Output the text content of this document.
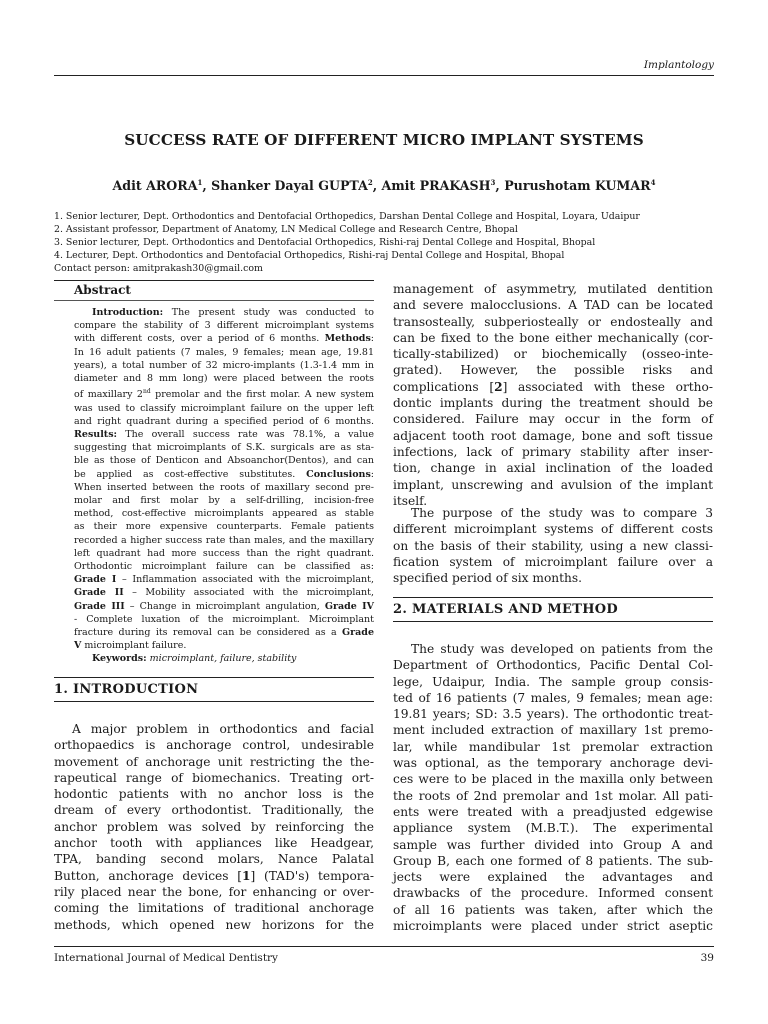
Implantology
SUCCESS RATE OF DIFFERENT MICRO IMPLANT SYSTEMS
Adit ARORA$^1$, Shanker Dayal GUPTA$^2$, Amit PRAKASH$^3$, Purushotam KUMAR$^4$
1. Senior lecturer, Dept. Orthodontics and Dentofacial Orthopedics, Darshan Dental College and Hospital, Loyara, Udaipur
2. Assistant professor, Department of Anatomy, LN Medical College and Research Centre, Bhopal
3. Senior lecturer, Dept. Orthodontics and Dentofacial Orthopedics, Rishi-raj Dental College and Hospital, Bhopal
4. Lecturer, Dept. Orthodontics and Dentofacial Orthopedics, Rishi-raj Dental College and Hospital, Bhopal
Contact person: amitprakash30@gmail.com
Abstract
Introduction: The present study was conducted to
compare the stability of 3 different microimplant systems
with different costs, over a period of 6 months. Methods:
In 16 adult patients (7 males, 9 females; mean age, 19.81
years), a total number of 32 micro-implants (1.3-1.4 mm in
diameter and 8 mm long) were placed between the roots
of maxillary 2nd premolar and the first molar. A new system
was used to classify microimplant failure on the upper left
and right quadrant during a specified period of 6 months.
Results: The overall success rate was 78.1%, a value
suggesting that microimplants of S.K. surgicals are as sta-
ble as those of Denticon and Absoanchor(Dentos), and can
be applied as cost-effective substitutes. Conclusions:
When inserted between the roots of maxillary second pre-
molar and first molar by a self-drilling, incision-free
method, cost-effective microimplants appeared as stable
as their more expensive counterparts. Female patients
recorded a higher success rate than males, and the maxillary
left quadrant had more success than the right quadrant.
Orthodontic microimplant failure can be classified as:
Grade I – Inflammation associated with the microimplant,
Grade II – Mobility associated with the microimplant,
Grade III – Change in microimplant angulation, Grade IV
- Complete luxation of the microimplant. Microimplant
fracture during its removal can be considered as a Grade
V microimplant failure.
Keywords: microimplant, failure, stability
1. INTRODUCTION
A major problem in orthodontics and facial
orthopaedics is anchorage control, undesirable
movement of anchorage unit restricting the the-
rapeutical range of biomechanics. Treating ort-
hodontic patients with no anchor loss is the
dream of every orthodontist. Traditionally, the
anchor problem was solved by reinforcing the
anchor tooth with appliances like Headgear,
TPA, banding second molars, Nance Palatal
Button, anchorage devices [1] (TAD's) temporа-
rily placed near the bone, for enhancing or over-
coming the limitations of traditional anchorage
methods, which opened new horizons for the
management of asymmetry, mutilated dentition
and severe malocclusions. A TAD can be located
transosteally, subperiosteally or endosteally and
can be fixed to the bone either mechanically (cor-
tically-stabilized) or biochemically (osseo-inte-
grated). However, the possible risks and
complications [2] associated with these ortho-
dontic implants during the treatment should be
considered. Failure may occur in the form of
adjacent tooth root damage, bone and soft tissue
infections, lack of primary stability after inser-
tion, change in axial inclination of the loaded
implant, unscrewing and avulsion of the implant
itself.
The purpose of the study was to compare 3
different microimplant systems of different costs
on the basis of their stability, using a new classi-
fication system of microimplant failure over a
specified period of six months.
2. MATERIALS AND METHOD
The study was developed on patients from the
Department of Orthodontics, Pacific Dental Col-
lege, Udaipur, India. The sample group consis-
ted of 16 patients (7 males, 9 females; mean age:
19.81 years; SD: 3.5 years). The orthodontic treat-
ment included extraction of maxillary 1st premo-
lar, while mandibular 1st premolar extraction
was optional, as the temporary anchorage devi-
ces were to be placed in the maxilla only between
the roots of 2nd premolar and 1st molar. All pati-
ents were treated with a preadjusted edgewise
appliance system (M.B.T.). The experimental
sample was further divided into Group A and
Group B, each one formed of 8 patients. The sub-
jects were explained the advantages and
drawbacks of the procedure. Informed consent
of all 16 patients was taken, after which the
microimplants were placed under strict aseptic
International Journal of Medical Dentistry	39
